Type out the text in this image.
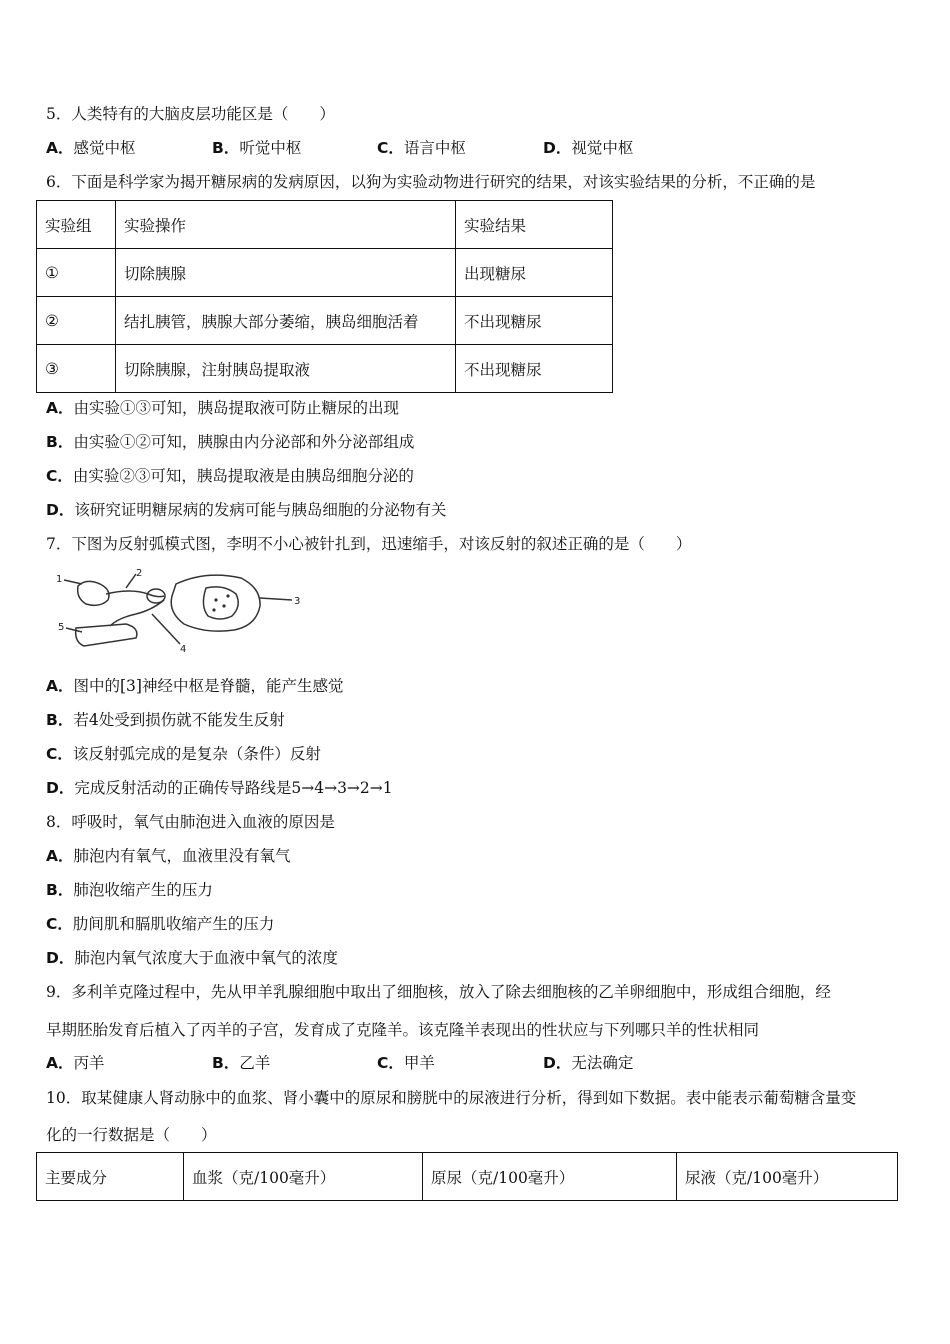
5．人类特有的大脑皮层功能区是（　　）
A．感觉中枢	B．听觉中枢	C．语言中枢	D．视觉中枢
6．下面是科学家为揭开糖尿病的发病原因，以狗为实验动物进行研究的结果，对该实验结果的分析，不正确的是
实验组	实验操作	实验结果
①	切除胰腺	出现糖尿
②	结扎胰管，胰腺大部分萎缩，胰岛细胞活着	不出现糖尿
③	切除胰腺，注射胰岛提取液	不出现糖尿
A．由实验①③可知，胰岛提取液可防止糖尿的出现
B．由实验①②可知，胰腺由内分泌部和外分泌部组成
C．由实验②③可知，胰岛提取液是由胰岛细胞分泌的
D．该研究证明糖尿病的发病可能与胰岛细胞的分泌物有关
7．下图为反射弧模式图，李明不小心被针扎到，迅速缩手，对该反射的叙述正确的是（　　）
1
2
3
4
5
A．图中的[3]神经中枢是脊髓，能产生感觉
B．若4处受到损伤就不能发生反射
C．该反射弧完成的是复杂（条件）反射
D．完成反射活动的正确传导路线是5→4→3→2→1
8．呼吸时，氧气由肺泡进入血液的原因是
A．肺泡内有氧气，血液里没有氧气
B．肺泡收缩产生的压力
C．肋间肌和膈肌收缩产生的压力
D．肺泡内氧气浓度大于血液中氧气的浓度
9．多利羊克隆过程中，先从甲羊乳腺细胞中取出了细胞核，放入了除去细胞核的乙羊卵细胞中，形成组合细胞，经
早期胚胎发育后植入了丙羊的子宫，发育成了克隆羊。该克隆羊表现出的性状应与下列哪只羊的性状相同
A．丙羊	B．乙羊	C．甲羊	D．无法确定
10．取某健康人肾动脉中的血浆、肾小囊中的原尿和膀胱中的尿液进行分析，得到如下数据。表中能表示葡萄糖含量变
化的一行数据是（　　）
主要成分	血浆（克/100毫升）	原尿（克/100毫升）	尿液（克/100毫升）
